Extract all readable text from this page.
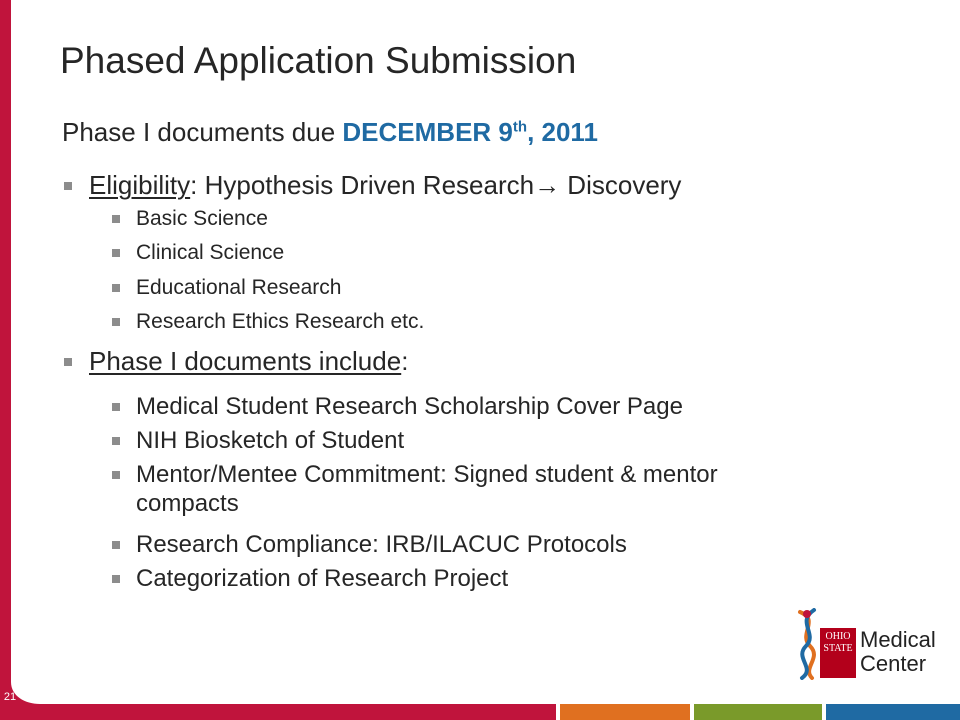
21
Phased Application Submission
Phase I documents due DECEMBER 9th, 2011
Eligibility: Hypothesis Driven Research→ Discovery
Basic Science
Clinical Science
Educational Research
Research Ethics Research etc.
Phase I documents include:
Medical Student Research Scholarship Cover Page
NIH Biosketch of Student
Mentor/Mentee Commitment: Signed student & mentor
compacts
Research Compliance: IRB/ILACUC Protocols
Categorization of Research Project
OHIO
STATE Medical
Center
